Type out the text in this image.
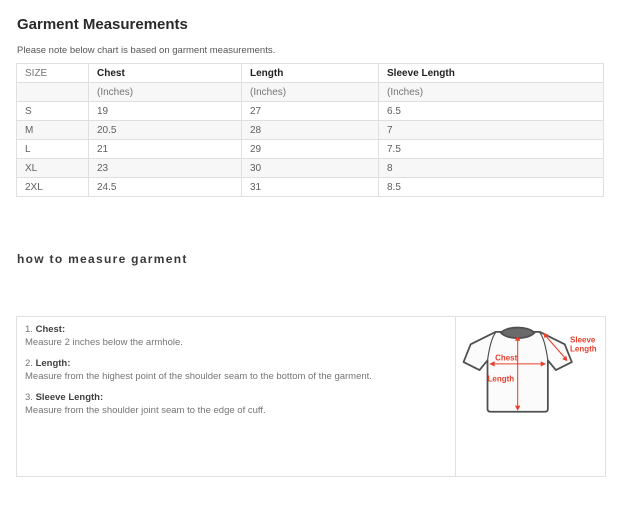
Garment Measurements
Please note below chart is based on garment measurements.
SIZE	Chest	Length	Sleeve Length
	(Inches)	(Inches)	(Inches)
S	19	27	6.5
M	20.5	28	7
L	21	29	7.5
XL	23	30	8
2XL	24.5	31	8.5
how to measure garment
1. Chest:
Measure 2 inches below the armhole.
2. Length:
Measure from the highest point of the shoulder seam to the bottom of the garment.
3. Sleeve Length:
Measure from the shoulder joint seam to the edge of cuff.
Chest
Length
Sleeve
Length
